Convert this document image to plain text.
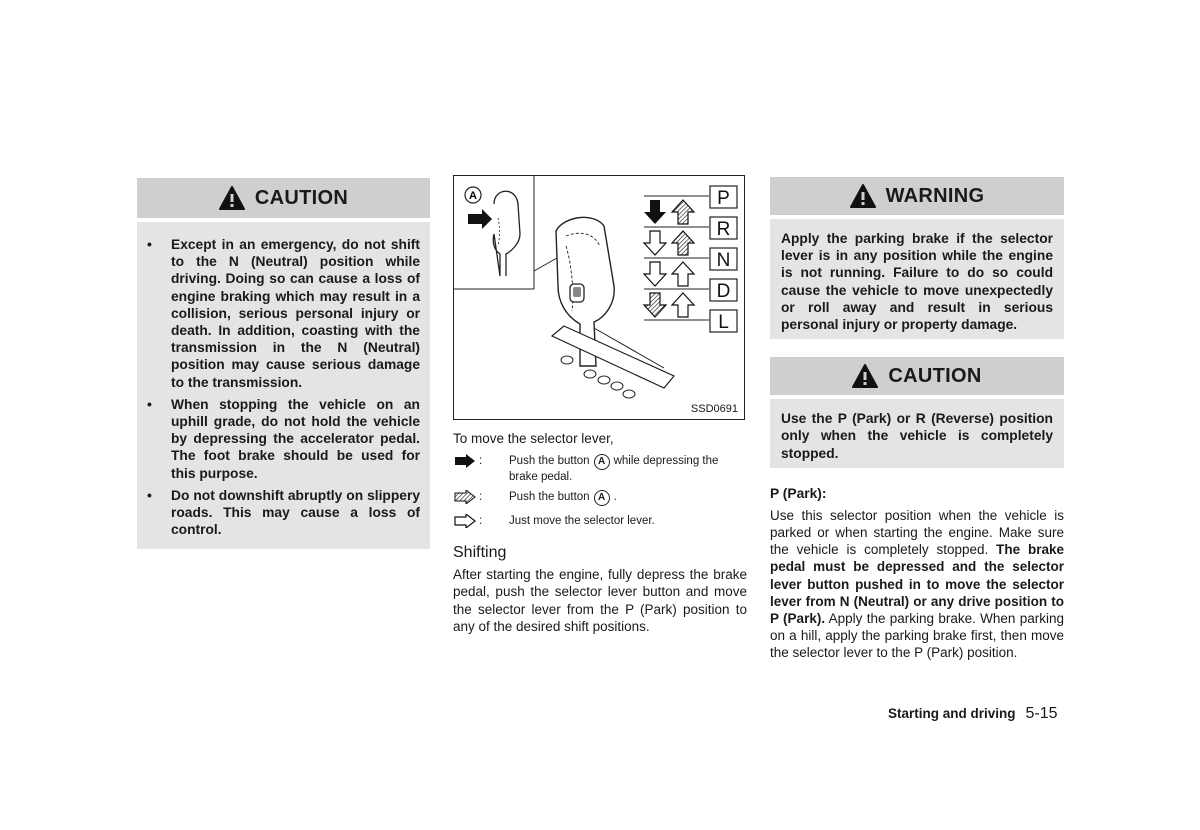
CAUTION
•
Except in an emergency, do not shift to the N (Neutral) position while driving. Doing so can cause a loss of engine braking which may result in a collision, serious personal injury or death. In addition, coasting with the transmission in the N (Neutral) position may cause serious damage to the transmission.
•
When stopping the vehicle on an uphill grade, do not hold the vehicle by depressing the accelerator pedal. The foot brake should be used for this purpose.
•
Do not downshift abruptly on slippery roads. This may cause a loss of control.
A	P
R
N
D
L
SSD0691
To move the selector lever,
:	Push the button A while depressing the brake pedal.
:	Push the button A .
:	Just move the selector lever.
Shifting
After starting the engine, fully depress the brake pedal, push the selector lever button and move the selector lever from the P (Park) position to any of the desired shift positions.
WARNING
Apply the parking brake if the selector lever is in any position while the engine is not running. Failure to do so could cause the vehicle to move unexpectedly or roll away and result in serious personal injury or property damage.
CAUTION
Use the P (Park) or R (Reverse) position only when the vehicle is completely stopped.
P (Park):
Use this selector position when the vehicle is parked or when starting the engine. Make sure the vehicle is completely stopped. The brake pedal must be depressed and the selector lever button pushed in to move the selector lever from N (Neutral) or any drive position to P (Park). Apply the parking brake. When parking on a hill, apply the parking brake first, then move the selector lever to the P (Park) position.
Starting and driving 5-15
